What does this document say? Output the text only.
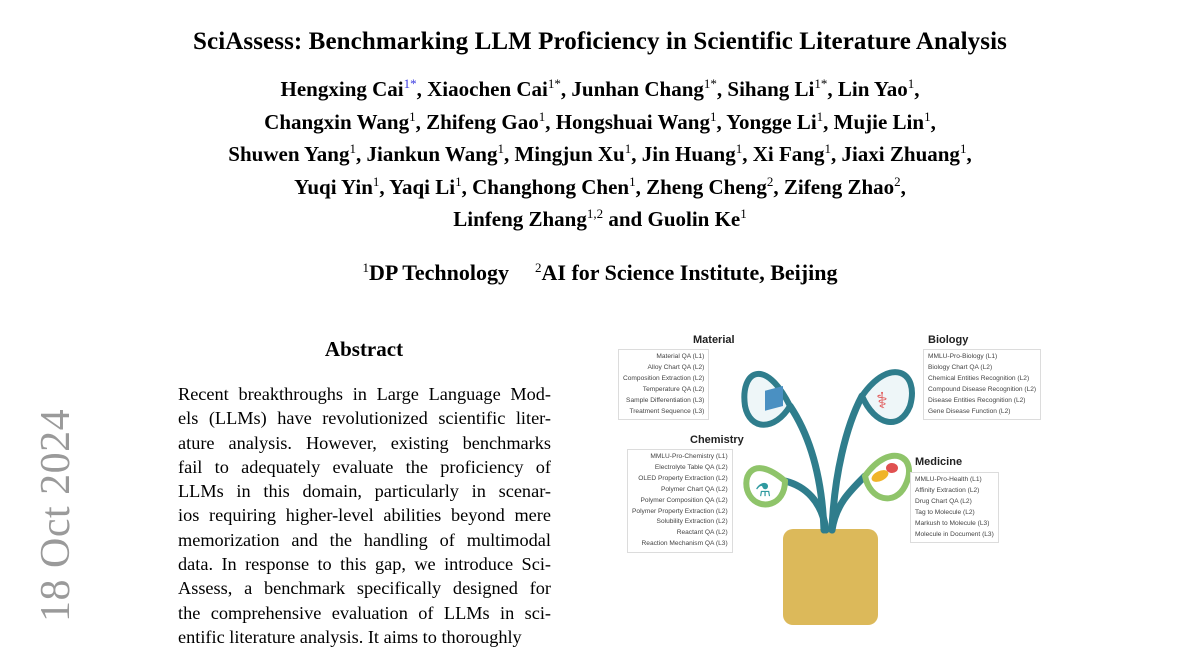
SciAssess: Benchmarking LLM Proficiency in Scientific Literature Analysis
Hengxing Cai$^{1*}$, Xiaochen Cai$^{1*}$, Junhan Chang$^{1*}$, Sihang $Li^{1*}$, Lin Yao$^1$,
Changxin Wang$^1$, Zhifeng Gao$^1$, Hongshuai Wang$^1$, Yongge Li$^1$, Mujie Lin$^1$,
Shuwen Yang$^1$, Jiankun Wang$^1$, Mingjun Xu$^1$, Jin Huang$^1$, Xi Fang$^1$, Jiaxi Zhuang$^1$,
Yuqi Yin$^1$, Yaqi Li$^1$, Changhong Chen$^1$, Zheng Cheng$^2$, Zifeng Zhao$^2$,
Linfeng Zhang$^{1,2}$ and Guolin Ke$^1$
$^1$DP Technology $^2$AI for Science Institute, Beijing
18 Oct 2024
Abstract
Recent breakthroughs in Large Language Mod-
els (LLMs) have revolutionized scientific liter-
ature analysis. However, existing benchmarks
fail to adequately evaluate the proficiency of
LLMs in this domain, particularly in scenar-
ios requiring higher-level abilities beyond mere
memorization and the handling of multimodal
data. In response to this gap, we introduce Sci-
Assess, a benchmark specifically designed for
the comprehensive evaluation of LLMs in sci-
entific literature analysis. It aims to thoroughly
⚕
⚗
Material
Material QA (L1)
Alloy Chart QA (L2)
Composition Extraction (L2)
Temperature QA (L2)
Sample Differentiation (L3)
Treatment Sequence (L3)
Biology
MMLU-Pro-Biology (L1)
Biology Chart QA (L2)
Chemical Entities Recognition (L2)
Compound Disease Recognition (L2)
Disease Entities Recognition (L2)
Gene Disease Function (L2)
Chemistry
MMLU-Pro-Chemistry (L1)
Electrolyte Table QA (L2)
OLED Property Extraction (L2)
Polymer Chart QA (L2)
Polymer Composition QA (L2)
Polymer Property Extraction (L2)
Solubility Extraction (L2)
Reactant QA (L2)
Reaction Mechanism QA (L3)
Medicine
MMLU-Pro-Health (L1)
Affinity Extraction (L2)
Drug Chart QA (L2)
Tag to Molecule (L2)
Markush to Molecule (L3)
Molecule in Document (L3)
